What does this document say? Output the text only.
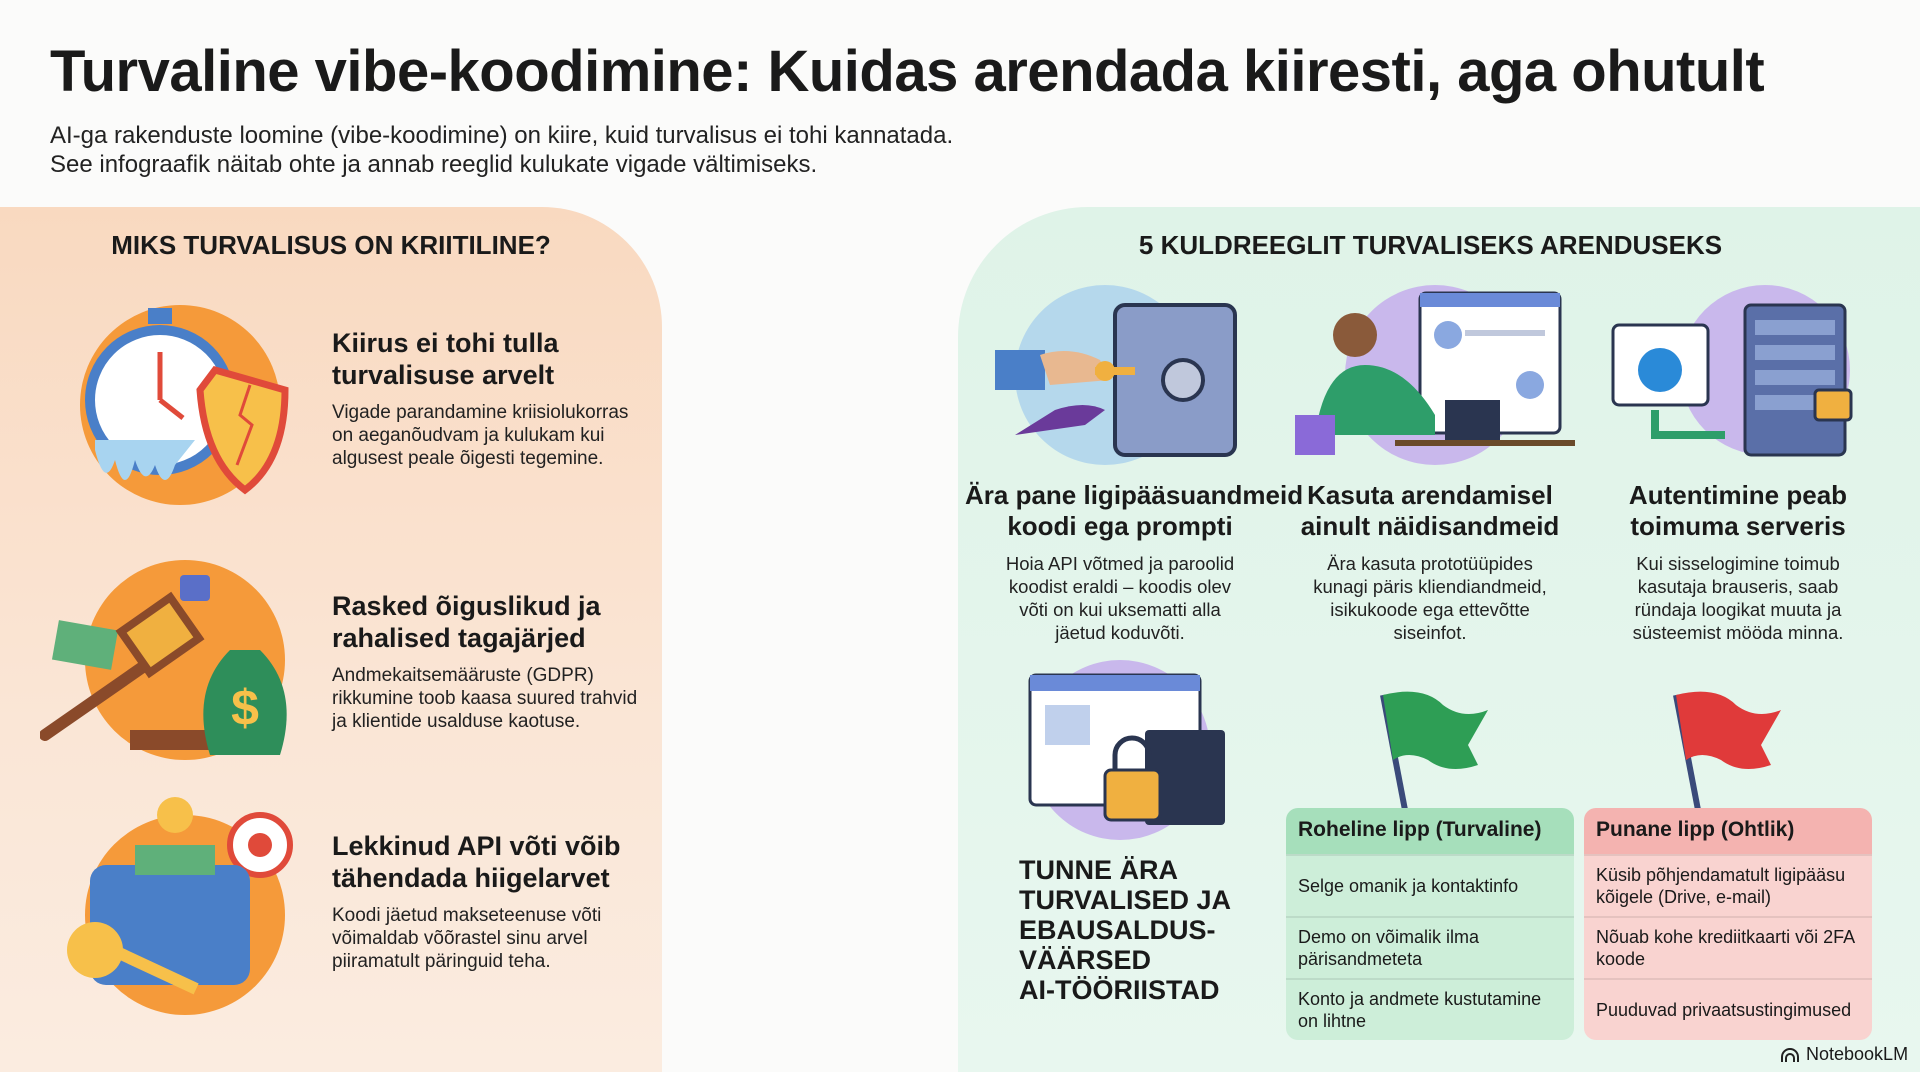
Turvaline vibe-koodimine: Kuidas arendada kiiresti, aga ohutult
AI-ga rakenduste loomine (vibe-koodimine) on kiire, kuid turvalisus ei tohi kannatada.
See infograafik näitab ohte ja annab reeglid kulukate vigade vältimiseks.
MIKS TURVALISUS ON KRIITILINE?
$
Kiirus ei tohi tulla turvalisuse arvelt
Vigade parandamine kriisiolukorras on aeganõudvam ja kulukam kui algusest peale õigesti tegemine.
Rasked õiguslikud ja rahalised tagajärjed
Andmekaitsemääruste (GDPR) rikkumine toob kaasa suured trahvid ja klientide usalduse kaotuse.
Lekkinud API võti võib tähendada hiigelarvet
Koodi jäetud makseteenuse võti võimaldab võõrastel sinu arvel piiramatult päringuid teha.
5 KULDREEGLIT TURVALISEKS ARENDUSEKS
Ära pane ligipääsuandmeid
koodi ega prompti
Hoia API võtmed ja paroolid koodist eraldi – koodis olev võti on kui uksematti alla jäetud koduvõti.
Kasuta arendamisel
ainult näidisandmeid
Ära kasuta prototüüpides kunagi päris kliendiandmeid, isikukoode ega ettevõtte siseinfot.
Autentimine peab
toimuma serveris
Kui sisselogimine toimub kasutaja brauseris, saab ründaja loogikat muuta ja süsteemist mööda minna.
TUNNE ÄRA
TURVALISED JA
EBAUSALDUS-
VÄÄRSED
AI-TÖÖRIISTAD
Roheline lipp (Turvaline)
Selge omanik ja kontaktinfo
Demo on võimalik ilma pärisandmeteta
Konto ja andmete kustutamine on lihtne
Punane lipp (Ohtlik)
Küsib põhjendamatult ligipääsu kõigele (Drive, e-mail)
Nõuab kohe krediitkaarti või 2FA koode
Puuduvad privaatsustingimused
NotebookLM
